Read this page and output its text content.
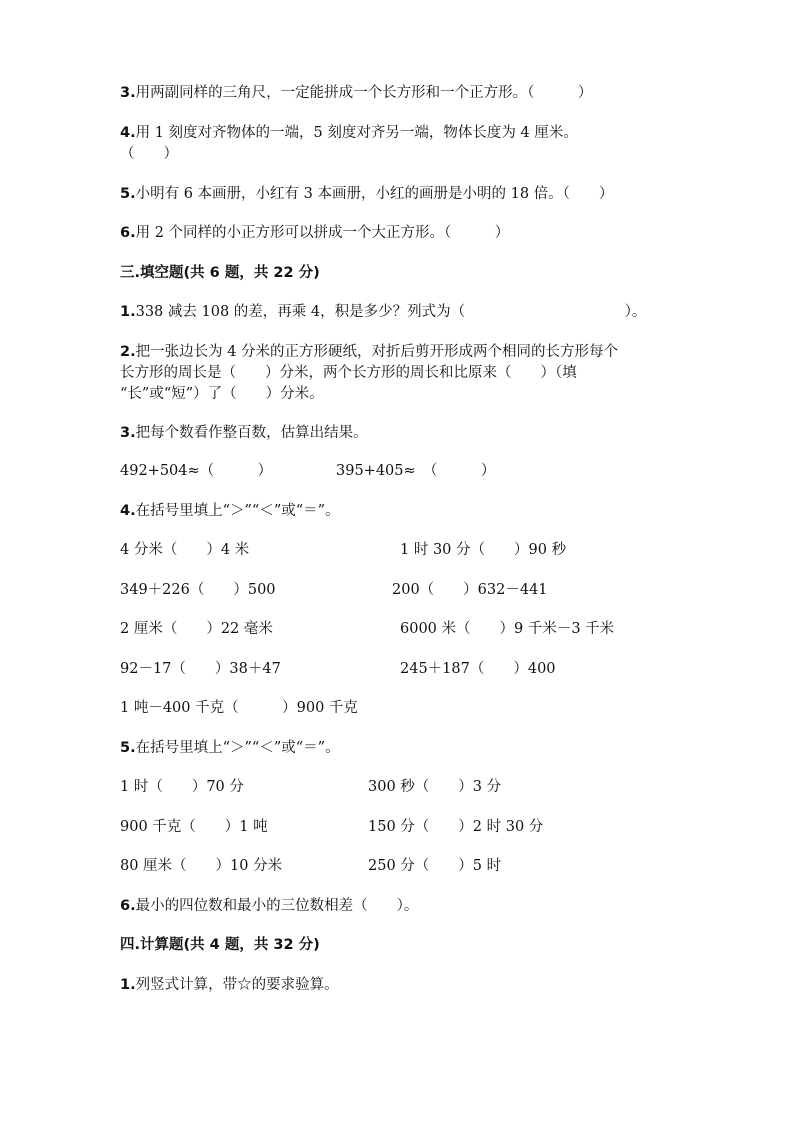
3.用两副同样的三角尺，一定能拼成一个长方形和一个正方形。（　　　）
4.用 1 刻度对齐物体的一端，5 刻度对齐另一端，物体长度为 4 厘米。
（　　）
5.小明有 6 本画册，小红有 3 本画册，小红的画册是小明的 18 倍。（　　）
6.用 2 个同样的小正方形可以拼成一个大正方形。（　　　）
三.填空题(共 6 题，共 22 分)
1.338 减去 108 的差，再乘 4，积是多少？列式为（　　　　　　　　　　　）。
2.把一张边长为 4 分米的正方形硬纸，对折后剪开形成两个相同的长方形每个
长方形的周长是（　　）分米，两个长方形的周长和比原来（　　）（填
“长”或“短”）了（　　）分米。
3.把每个数看作整百数，估算出结果。
492+504≈（　　　）	395+405≈　（　　　）
4.在括号里填上“＞”“＜”或“＝”。
4 分米（　　）4 米	1 时 30 分（　　）90 秒
349＋226（　　）500	200（　　）632－441
2 厘米（　　）22 毫米	6000 米（　　）9 千米－3 千米
92－17（　　）38＋47	245＋187（　　）400
1 吨－400 千克（　　　）900 千克
5.在括号里填上“＞”“＜”或“＝”。
1 时（　　）70 分	300 秒（　　）3 分
900 千克（　　）1 吨	150 分（　　）2 时 30 分
80 厘米（　　）10 分米	250 分（　　）5 时
6.最小的四位数和最小的三位数相差（　　）。
四.计算题(共 4 题，共 32 分)
1.列竖式计算，带☆的要求验算。
